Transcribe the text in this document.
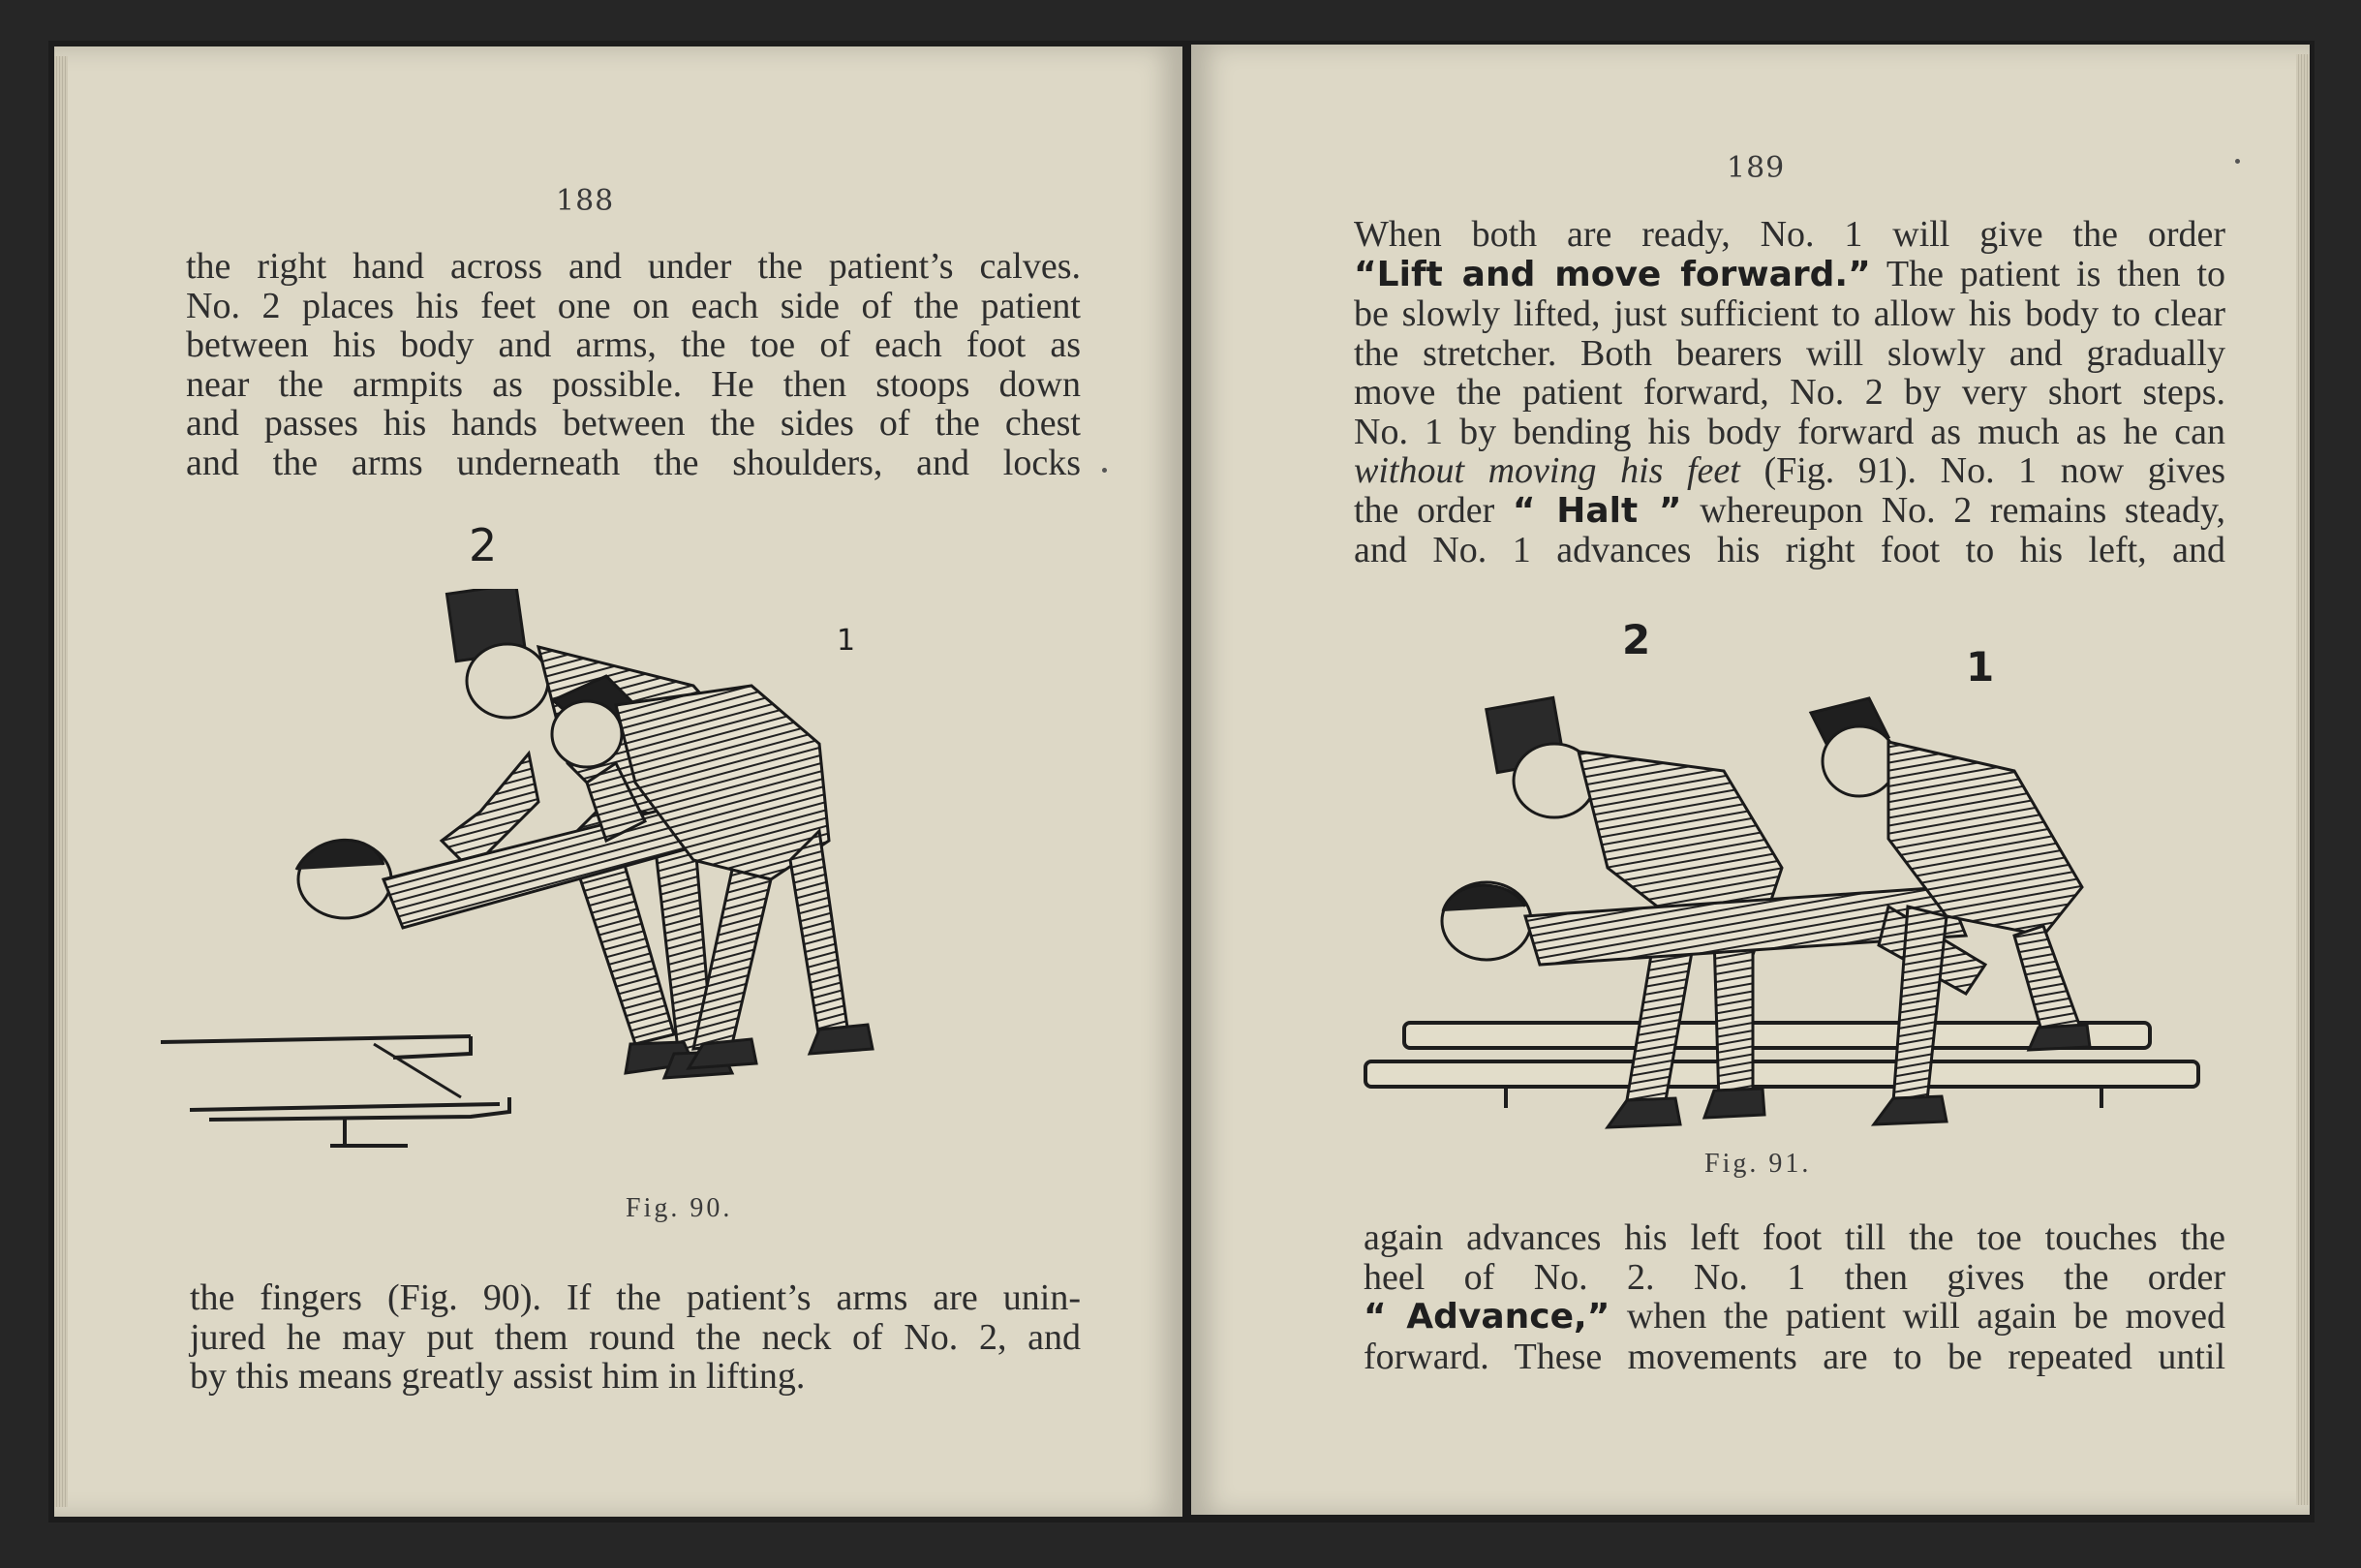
188

the right hand across and under the patient’s calves.

No. 2 places his feet one on each side of the patient

between his body and arms, the toe of each foot as

near the armpits as possible. He then stoops down

and passes his hands between the sides of the chest

and the arms underneath the shoulders, and locks

2
1
Fig. 90.

the fingers (Fig. 90). If the patient’s arms are unin-

jured he may put them round the neck of No. 2, and

by this means greatly assist him in lifting.

189

When both are ready, No. 1 will give the order

“Lift and move forward.” The patient is then to

be slowly lifted, just sufficient to allow his body to clear

the stretcher. Both bearers will slowly and gradually

move the patient forward, No. 2 by very short steps.

No. 1 by bending his body forward as much as he can

without moving his feet (Fig. 91). No. 1 now gives

the order “ Halt ” whereupon No. 2 remains steady,

and No. 1 advances his right foot to his left, and

2
1
Fig. 91.

again advances his left foot till the toe touches the

heel of No. 2. No. 1 then gives the order

“ Advance,” when the patient will again be moved

forward. These movements are to be repeated until
